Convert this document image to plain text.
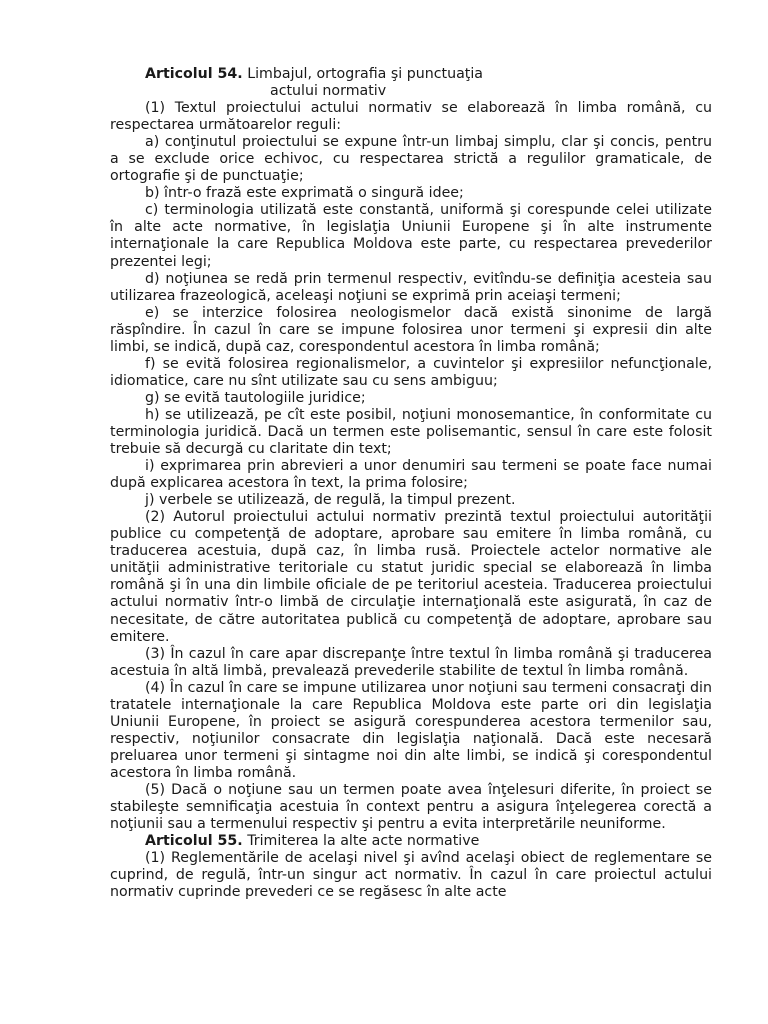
Articolul 54. Limbajul, ortografia şi punctuaţia

actului normativ

(1) Textul proiectului actului normativ se elaborează în limba română, cu respectarea următoarelor reguli:

a) conţinutul proiectului se expune într-un limbaj simplu, clar şi concis, pentru a se exclude orice echivoc, cu respectarea strictă a regulilor gramaticale, de ortografie şi de punctuaţie;

b) într-o frază este exprimată o singură idee;

c) terminologia utilizată este constantă, uniformă şi corespunde celei utilizate în alte acte normative, în legislaţia Uniunii Europene şi în alte instrumente internaţionale la care Republica Moldova este parte, cu respectarea prevederilor prezentei legi;

d) noţiunea se redă prin termenul respectiv, evitîndu-se definiţia acesteia sau utilizarea frazeologică, aceleaşi noţiuni se exprimă prin aceiaşi termeni;

e) se interzice folosirea neologismelor dacă există sinonime de largă răspîndire. În cazul în care se impune folosirea unor termeni şi expresii din alte limbi, se indică, după caz, corespondentul acestora în limba română;

f) se evită folosirea regionalismelor, a cuvintelor şi expresiilor nefuncţionale, idiomatice, care nu sînt utilizate sau cu sens ambiguu;

g) se evită tautologiile juridice;

h) se utilizează, pe cît este posibil, noţiuni monosemantice, în conformitate cu terminologia juridică. Dacă un termen este polisemantic, sensul în care este folosit trebuie să decurgă cu claritate din text;

i) exprimarea prin abrevieri a unor denumiri sau termeni se poate face numai după explicarea acestora în text, la prima folosire;

j) verbele se utilizează, de regulă, la timpul prezent.

(2) Autorul proiectului actului normativ prezintă textul proiectului autorităţii publice cu competenţă de adoptare, aprobare sau emitere în limba română, cu traducerea acestuia, după caz, în limba rusă. Proiectele actelor normative ale unităţii administrative teritoriale cu statut juridic special se elaborează în limba română şi în una din limbile oficiale de pe teritoriul acesteia. Traducerea proiectului actului normativ într-o limbă de circulaţie internaţională este asigurată, în caz de necesitate, de către autoritatea publică cu competenţă de adoptare, aprobare sau emitere.

(3) În cazul în care apar discrepanţe între textul în limba română şi traducerea acestuia în altă limbă, prevalează prevederile stabilite de textul în limba română.

(4) În cazul în care se impune utilizarea unor noţiuni sau termeni consacraţi din tratatele internaţionale la care Republica Moldova este parte ori din legislaţia Uniunii Europene, în proiect se asigură corespunderea acestora termenilor sau, respectiv, noţiunilor consacrate din legislaţia naţională. Dacă este necesară preluarea unor termeni şi sintagme noi din alte limbi, se indică şi corespondentul acestora în limba română.

(5) Dacă o noţiune sau un termen poate avea înţelesuri diferite, în proiect se stabileşte semnificaţia acestuia în context pentru a asigura înţelegerea corectă a noţiunii sau a termenului respectiv şi pentru a evita interpretările neuniforme.

Articolul 55. Trimiterea la alte acte normative

(1) Reglementările de acelaşi nivel şi avînd acelaşi obiect de reglementare se cuprind, de regulă, într-un singur act normativ. În cazul în care proiectul actului normativ cuprinde prevederi ce se regăsesc în alte acte
